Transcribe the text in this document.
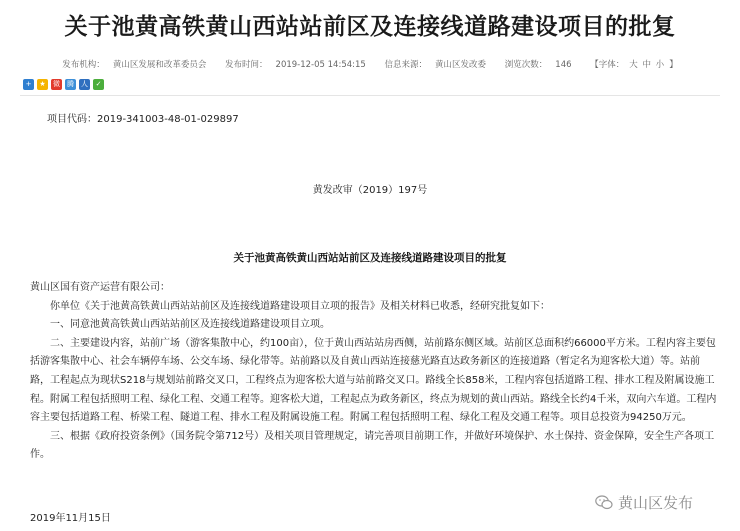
关于池黄高铁黄山西站站前区及连接线道路建设项目的批复
发布机构： 黄山区发展和改革委员会 发布时间： 2019-12-05 14:54:15 信息来源： 黄山区发改委 浏览次数： 146 【字体： 大 中 小 】
+	★	微 腾 人	✓
项目代码：2019-341003-48-01-029897
黄发改审（2019）197号
关于池黄高铁黄山西站站前区及连接线道路建设项目的批复

黄山区国有资产运营有限公司：

你单位《关于池黄高铁黄山西站站前区及连接线道路建设项目立项的报告》及相关材料已收悉，经研究批复如下：

一、同意池黄高铁黄山西站站前区及连接线道路建设项目立项。

二、主要建设内容，站前广场（游客集散中心，约100亩），位于黄山西站站房西侧，站前路东侧区域。站前区总面积约66000平方米。工程内容主要包括游客集散中心、社会车辆停车场、公交车场、绿化带等。站前路以及自黄山西站连接慈光路直达政务新区的连接道路（暂定名为迎客松大道）等。站前路，工程起点为现状S218与规划站前路交叉口，工程终点为迎客松大道与站前路交叉口。路线全长858米，工程内容包括道路工程、排水工程及附属设施工程。附属工程包括照明工程、绿化工程、交通工程等。迎客松大道，工程起点为政务新区，终点为规划的黄山西站。路线全长约4千米，双向六车道。工程内容主要包括道路工程、桥梁工程、隧道工程、排水工程及附属设施工程。附属工程包括照明工程、绿化工程及交通工程等。项目总投资为94250万元。

三、根据《政府投资条例》（国务院令第712号）及相关项目管理规定，请完善项目前期工作，并做好环境保护、水土保持、资金保障，安全生产各项工作。

2019年11月15日
黄山区发布
